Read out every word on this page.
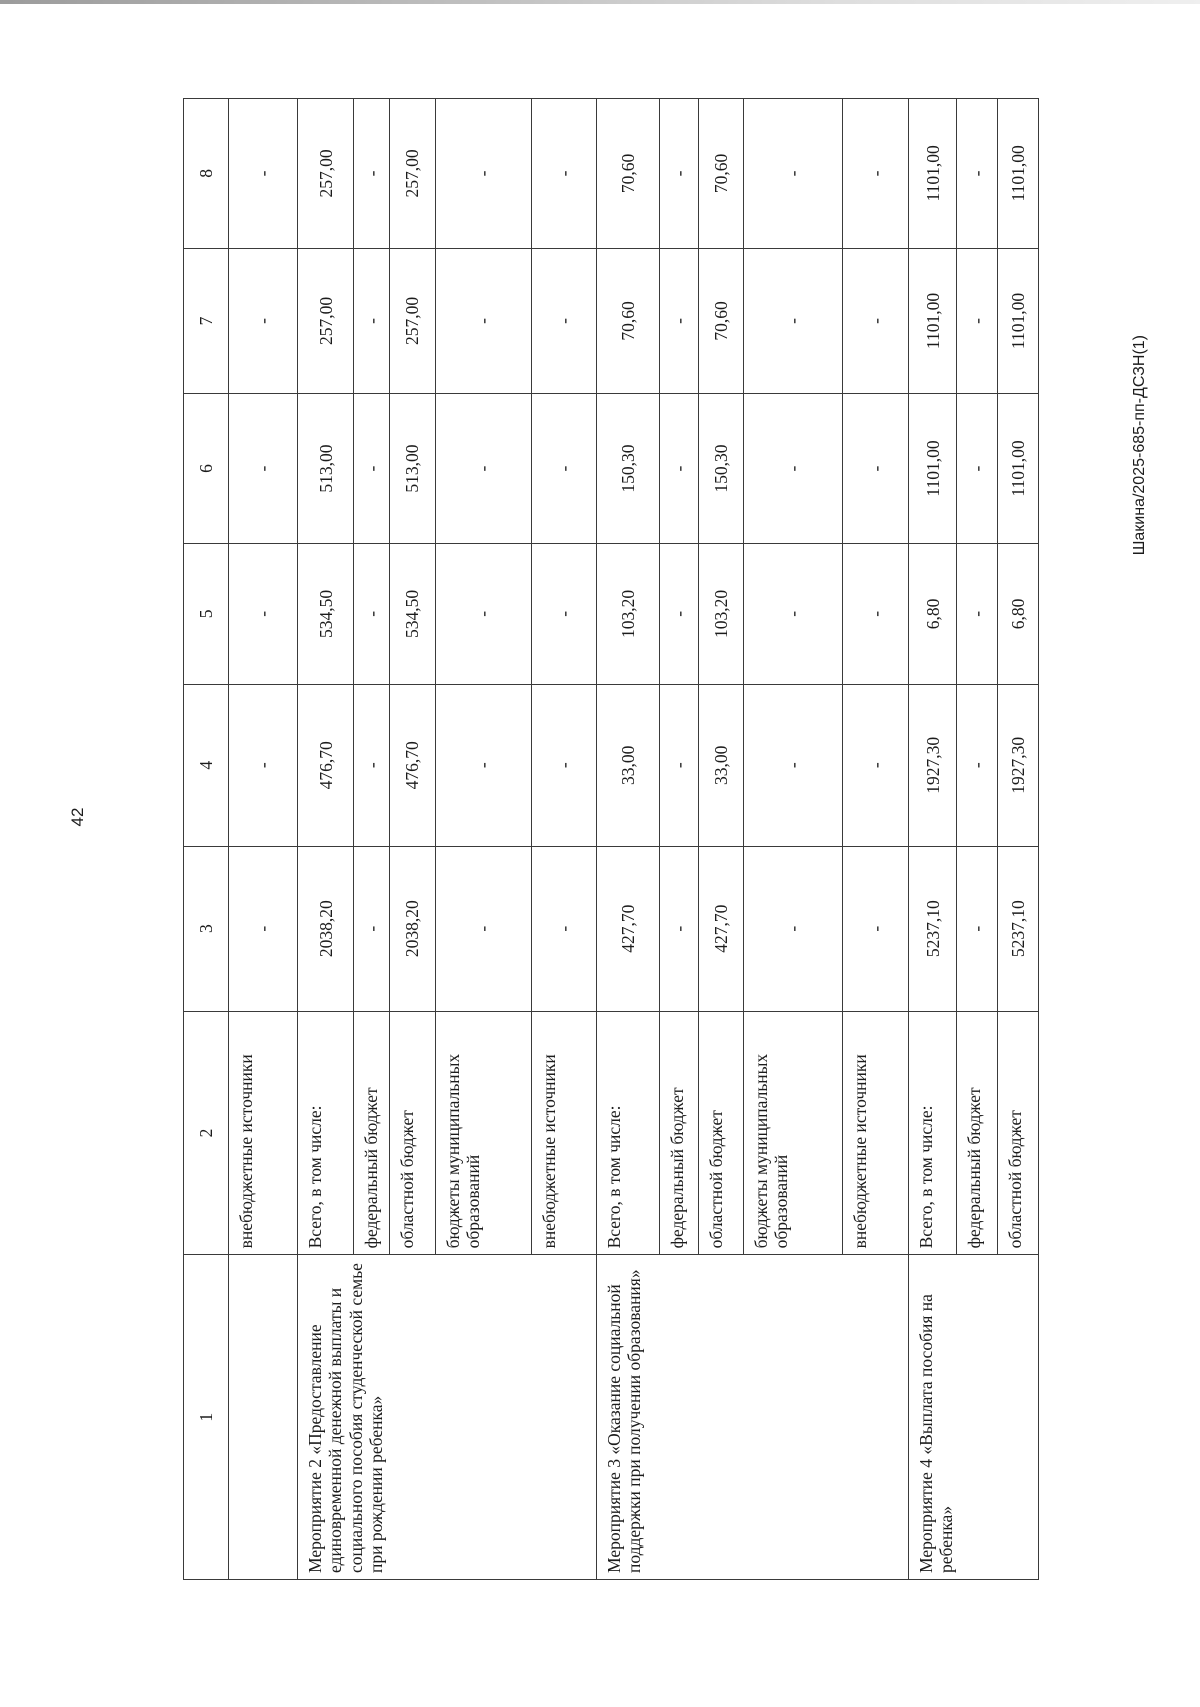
42
Шакина/2025-685-пп-ДСЗН(1)
1	2	3	4	5	6	7	8
	внебюджетные источники	-	-	-	-	-	-
Мероприятие 2 «Предоставление единовременной денежной выплаты и социального пособия студенческой семье при рождении ребенка»	Всего, в том числе:	2038,20	476,70	534,50	513,00	257,00	257,00
	федеральный бюджет	-	-	-	-	-	-
	областной бюджет	2038,20	476,70	534,50	513,00	257,00	257,00
	бюджеты муниципальных образований	-	-	-	-	-	-
	внебюджетные источники	-	-	-	-	-	-
Мероприятие 3 «Оказание социальной поддержки при получении образования»	Всего, в том числе:	427,70	33,00	103,20	150,30	70,60	70,60
	федеральный бюджет	-	-	-	-	-	-
	областной бюджет	427,70	33,00	103,20	150,30	70,60	70,60
	бюджеты муниципальных образований	-	-	-	-	-	-
	внебюджетные источники	-	-	-	-	-	-
Мероприятие 4 «Выплата пособия на ребенка»	Всего, в том числе:	5237,10	1927,30	6,80	1101,00	1101,00	1101,00
	федеральный бюджет	-	-	-	-	-	-
	областной бюджет	5237,10	1927,30	6,80	1101,00	1101,00	1101,00
